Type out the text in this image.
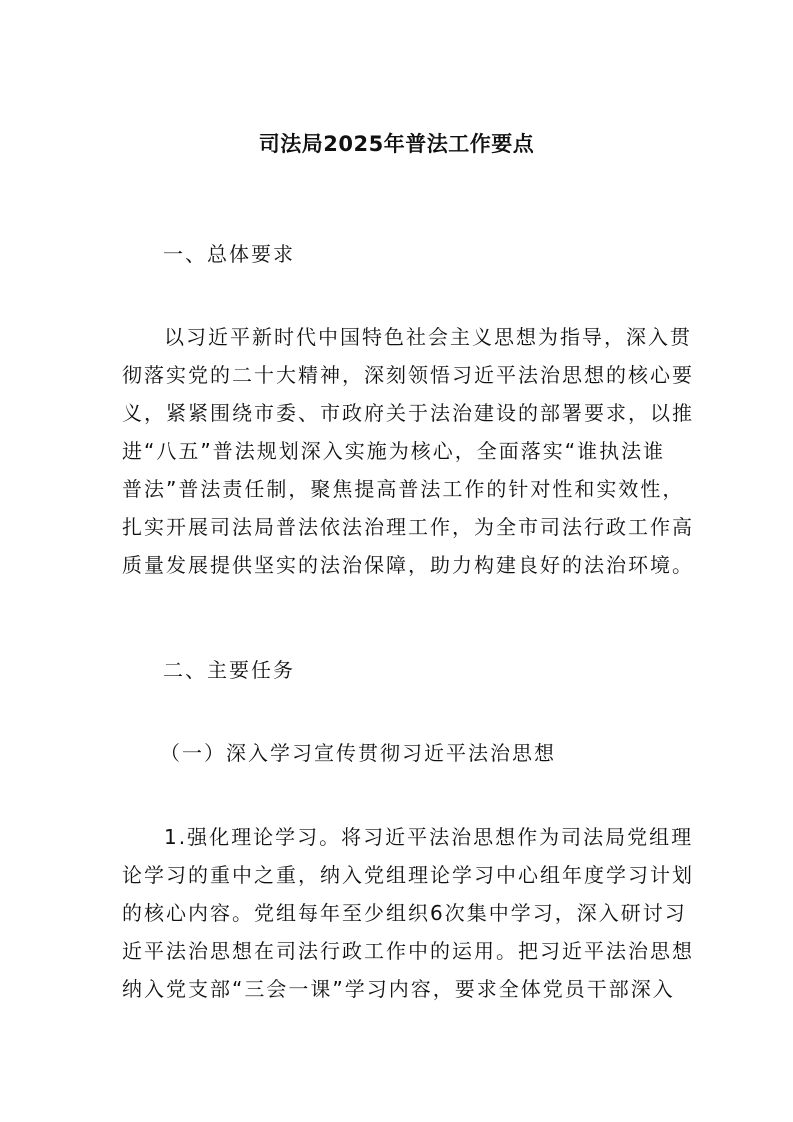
司法局2025年普法工作要点
一、总体要求
以习近平新时代中国特色社会主义思想为指导，深入贯
彻落实党的二十大精神，深刻领悟习近平法治思想的核心要
义，紧紧围绕市委、市政府关于法治建设的部署要求，以推
进“八五”普法规划深入实施为核心，全面落实“谁执法谁
普法”普法责任制，聚焦提高普法工作的针对性和实效性，
扎实开展司法局普法依法治理工作，为全市司法行政工作高
质量发展提供坚实的法治保障，助力构建良好的法治环境。
二、主要任务
（一）深入学习宣传贯彻习近平法治思想
1.强化理论学习。将习近平法治思想作为司法局党组理
论学习的重中之重，纳入党组理论学习中心组年度学习计划
的核心内容。党组每年至少组织6次集中学习，深入研讨习
近平法治思想在司法行政工作中的运用。把习近平法治思想
纳入党支部“三会一课”学习内容，要求全体党员干部深入
